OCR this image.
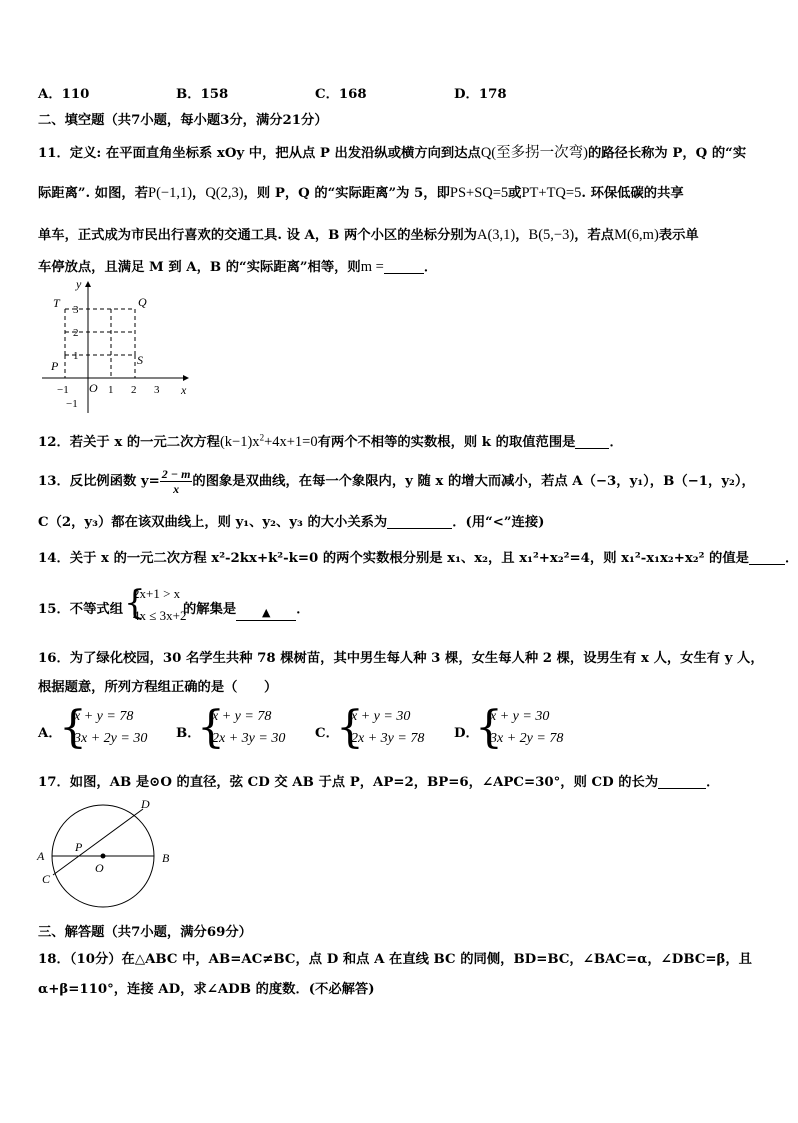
A．110	B．158	C．168	D．178
二、填空题（共7小题，每小题3分，满分21分）
11．定义: 在平面直角坐标系 xOy 中，把从点 P 出发沿纵或横方向到达点Q(至多拐一次弯)的路径长称为 P，Q 的“实
际距离”. 如图，若P(−1,1)，Q(2,3)，则 P，Q 的“实际距离”为 5，即PS+SQ=5或PT+TQ=5. 环保低碳的共享
单车，正式成为市民出行喜欢的交通工具. 设 A，B 两个小区的坐标分别为A(3,1)，B(5,−3)，若点M(6,m)表示单
车停放点，且满足 M 到 A，B 的“实际距离”相等，则m =	．
y
x
O
T	Q
P	S
3
2
1
−1
−1	1 2 3
12．若关于 x 的一元二次方程$(k-1)x^2+4x+1=0$有两个不相等的实数根，则 k 的取值范围是	．
13．反比例函数 $y= \frac{2 - m}{x}$ 的图象是双曲线，在每一个象限内，y 随 x 的增大而减小，若点 A（−3，y₁），B（−1，y₂），
C（2，y₃）都在该双曲线上，则 y₁、y₂、y₃ 的大小关系为	．(用“<”连接)
14．关于 x 的一元二次方程 x²-2kx+k²-k=0 的两个实数根分别是 x₁、x₂，且 x₁²+x₂²=4，则 x₁²-x₁x₂+x₂² 的值是	．
15．不等式组	的解集是 ▲ ．
{
2x+1 > x
4x ≤ 3x+2
16．为了绿化校园，30 名学生共种 78 棵树苗，其中男生每人种 3 棵，女生每人种 2 棵，设男生有 x 人，女生有 y 人，
根据题意，所列方程组正确的是（　　）
A．
{
x + y = 78
3x + 2y = 30 B．
{
x + y = 78
2x + 3y = 30 C．
{
x + y = 30
2x + 3y = 78 D．
{
x + y = 30
3x + 2y = 78
17．如图，AB 是⊙O 的直径，弦 CD 交 AB 于点 P，AP=2，BP=6，∠APC=30°，则 CD 的长为	．
A	B
C
D
P
O
三、解答题（共7小题，满分69分）
18．（10分）在△ABC 中，AB=AC≠BC，点 D 和点 A 在直线 BC 的同侧，BD=BC，∠BAC=α，∠DBC=β，且
α+β=110°，连接 AD，求∠ADB 的度数．(不必解答)
